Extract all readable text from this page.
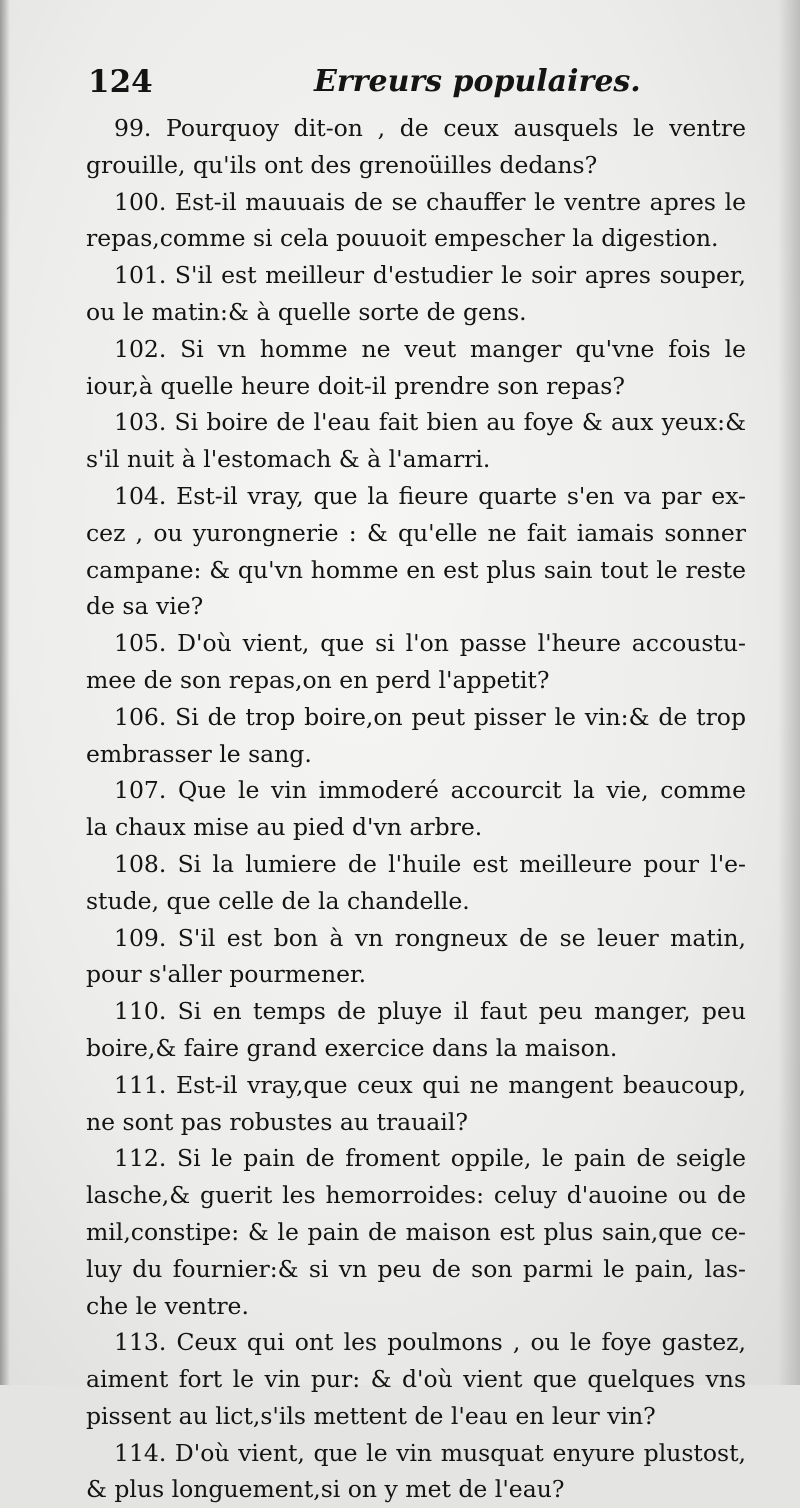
124	Erreurs populaires.
99. Pourquoy dit-on , de ceux ausquels le ventre
grouille, qu'ils ont des grenoüilles dedans?
100. Est-il mauuais de se chauffer le ventre apres le
repas,comme si cela pouuoit empescher la digestion.
101. S'il est meilleur d'estudier le soir apres souper,
ou le matin:& à quelle sorte de gens.
102. Si vn homme ne veut manger qu'vne fois le
iour,à quelle heure doit-il prendre son repas?
103. Si boire de l'eau fait bien au foye & aux yeux:&
s'il nuit à l'estomach & à l'amarri.
104. Est-il vray, que la fieure quarte s'en va par ex-
cez , ou yurongnerie : & qu'elle ne fait iamais sonner
campane: & qu'vn homme en est plus sain tout le reste
de sa vie?
105. D'où vient, que si l'on passe l'heure accoustu-
mee de son repas,on en perd l'appetit?
106. Si de trop boire,on peut pisser le vin:& de trop
embrasser le sang.
107. Que le vin immoderé accourcit la vie, comme
la chaux mise au pied d'vn arbre.
108. Si la lumiere de l'huile est meilleure pour l'e-
stude, que celle de la chandelle.
109. S'il est bon à vn rongneux de se leuer matin,
pour s'aller pourmener.
110. Si en temps de pluye il faut peu manger, peu
boire,& faire grand exercice dans la maison.
111. Est-il vray,que ceux qui ne mangent beaucoup,
ne sont pas robustes au trauail?
112. Si le pain de froment oppile, le pain de seigle
lasche,& guerit les hemorroides: celuy d'auoine ou de
mil,constipe: & le pain de maison est plus sain,que ce-
luy du fournier:& si vn peu de son parmi le pain, las-
che le ventre.
113. Ceux qui ont les poulmons , ou le foye gastez,
aiment fort le vin pur: & d'où vient que quelques vns
pissent au lict,s'ils mettent de l'eau en leur vin?
114. D'où vient, que le vin musquat enyure plustost,
& plus longuement,si on y met de l'eau?
